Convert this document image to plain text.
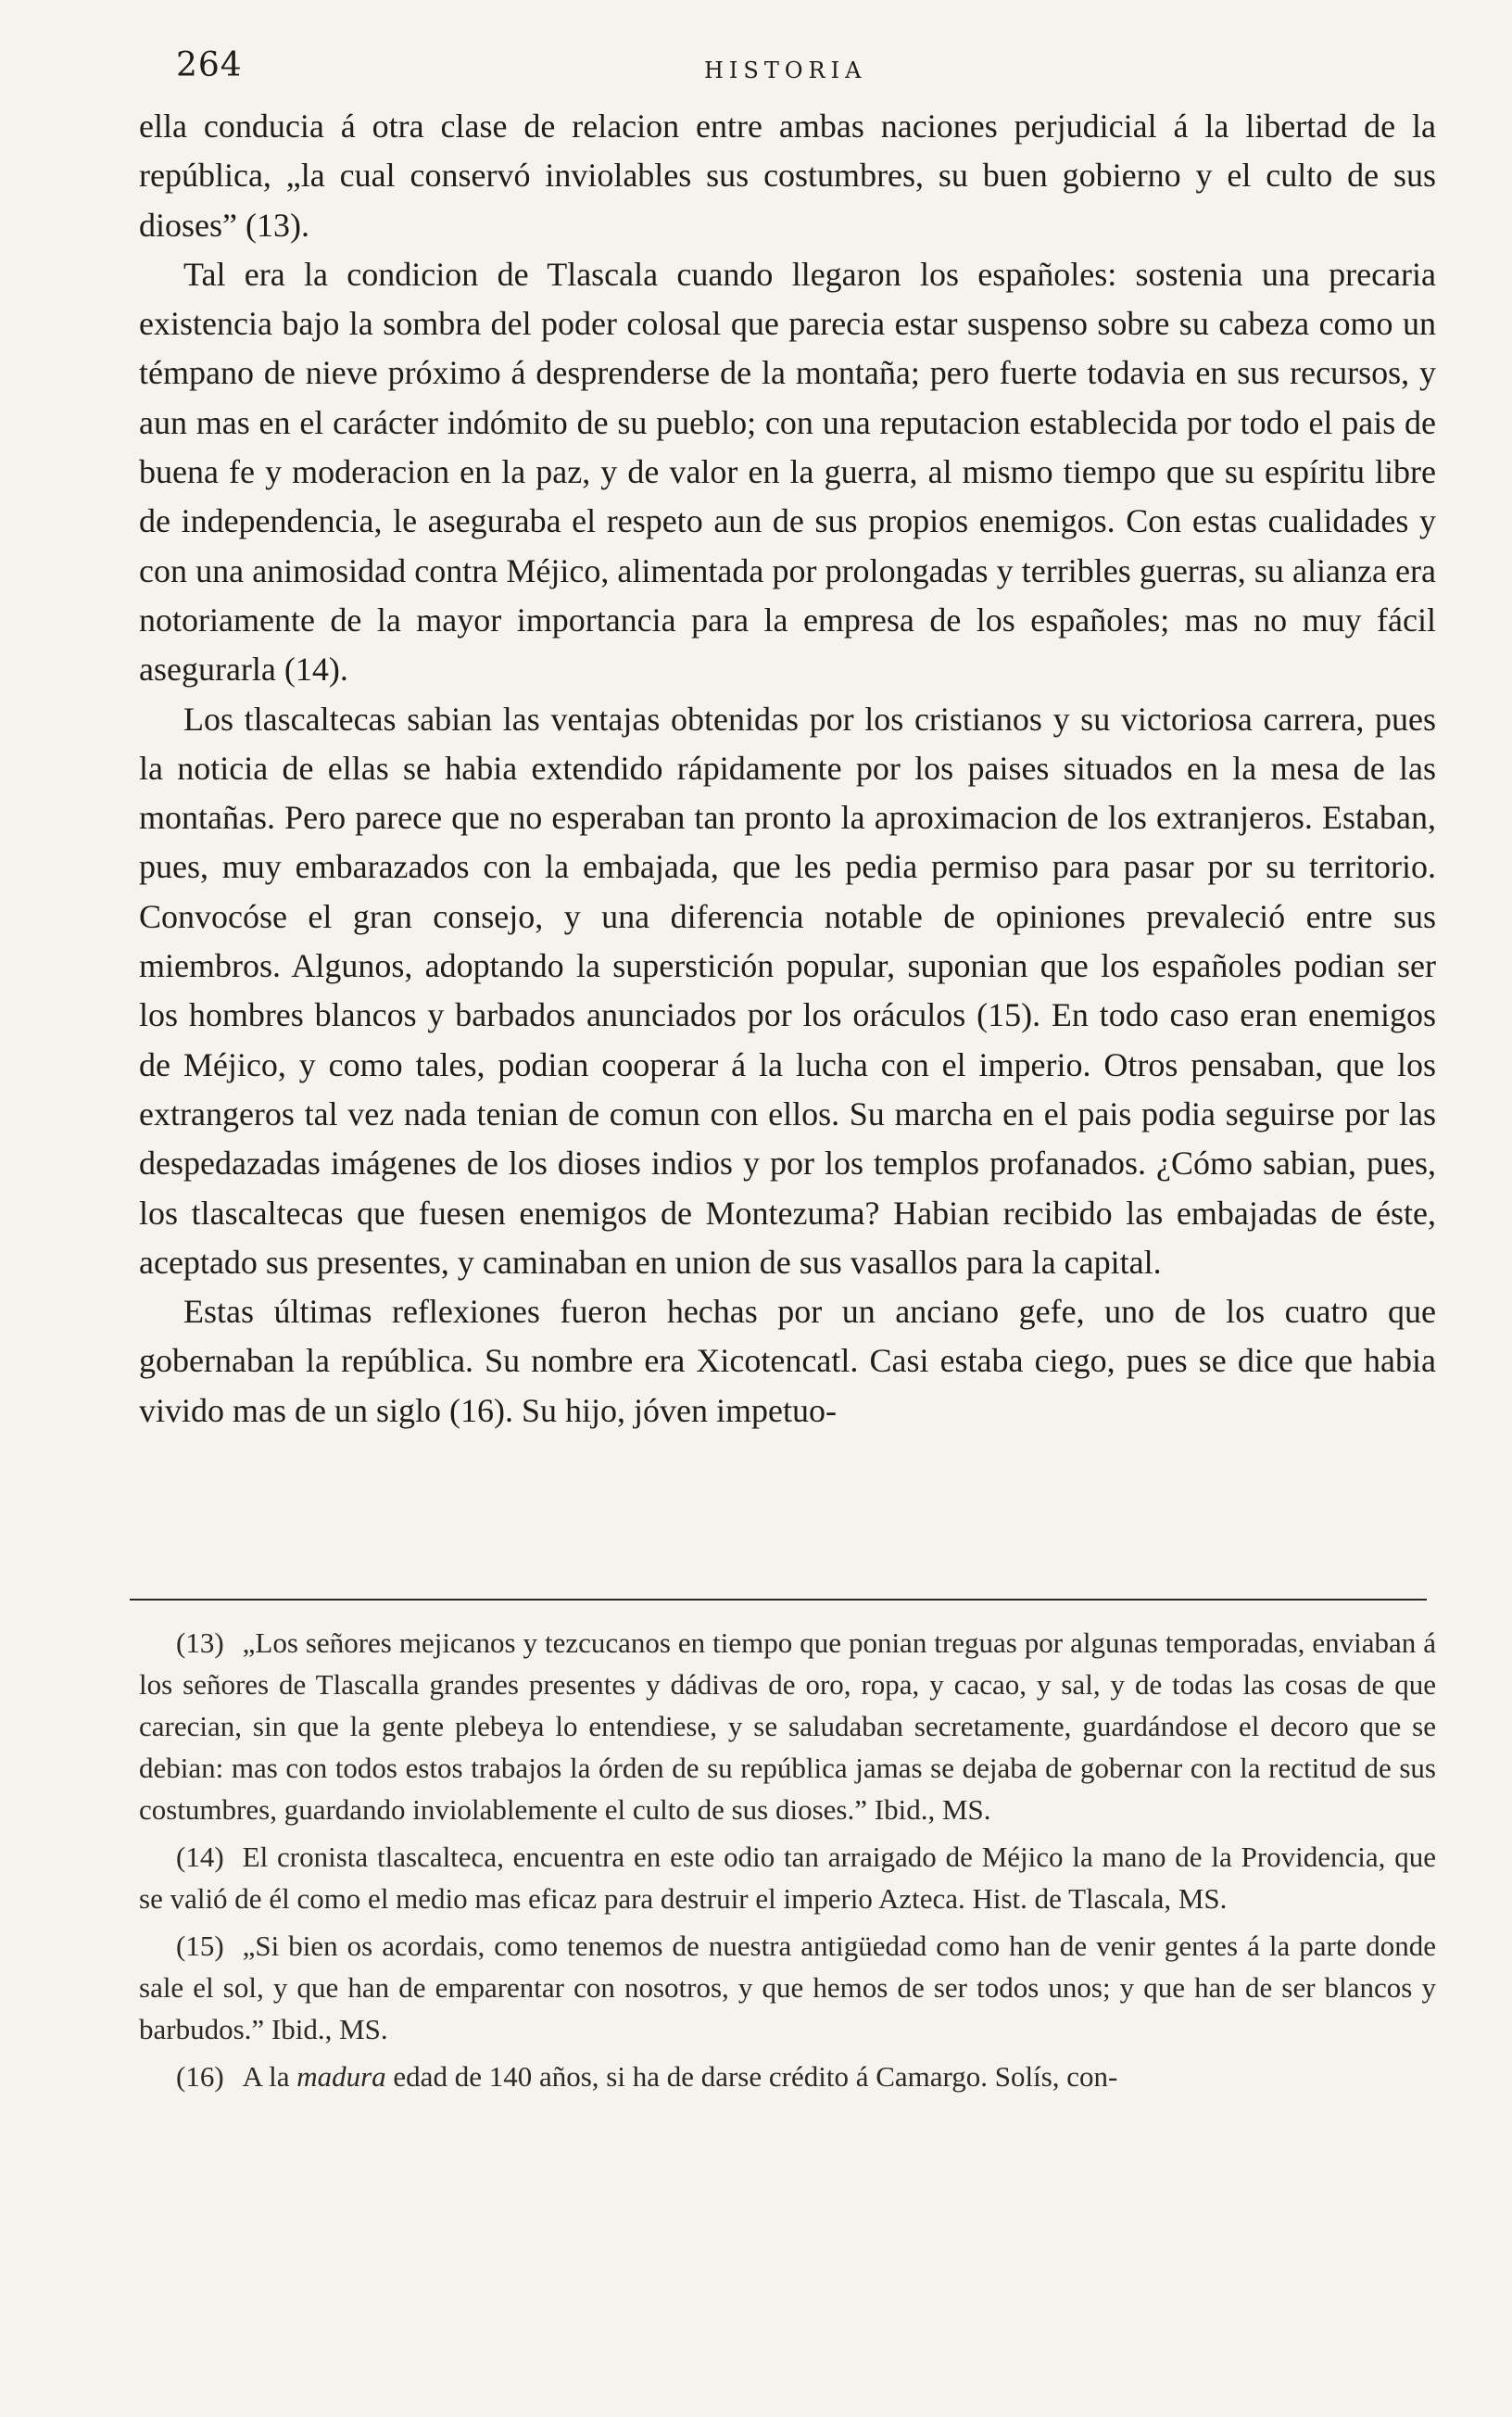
264	HISTORIA

ella conducia á otra clase de relacion entre ambas naciones perjudicial á la libertad de la república, „la cual conservó inviolables sus costumbres, su buen gobierno y el culto de sus dioses” (13).

Tal era la condicion de Tlascala cuando llegaron los españoles: sostenia una precaria existencia bajo la sombra del poder colosal que parecia estar suspenso sobre su cabeza como un témpano de nieve próximo á desprenderse de la montaña; pero fuerte todavia en sus recursos, y aun mas en el carácter indómito de su pueblo; con una reputacion establecida por todo el pais de buena fe y moderacion en la paz, y de valor en la guerra, al mismo tiempo que su espíritu libre de independencia, le aseguraba el respeto aun de sus propios enemigos. Con estas cualidades y con una animosidad contra Méjico, alimentada por prolongadas y terribles guerras, su alianza era notoriamente de la mayor importancia para la empresa de los españoles; mas no muy fácil asegurarla (14).

Los tlascaltecas sabian las ventajas obtenidas por los cristianos y su victoriosa carrera, pues la noticia de ellas se habia extendido rápidamente por los paises situados en la mesa de las montañas. Pero parece que no esperaban tan pronto la aproximacion de los extranjeros. Estaban, pues, muy embarazados con la embajada, que les pedia permiso para pasar por su territorio. Convocóse el gran consejo, y una diferencia notable de opiniones prevaleció entre sus miembros. Algunos, adoptando la superstición popular, suponian que los españoles podian ser los hombres blancos y barbados anunciados por los oráculos (15). En todo caso eran enemigos de Méjico, y como tales, podian cooperar á la lucha con el imperio. Otros pensaban, que los extrangeros tal vez nada tenian de comun con ellos. Su marcha en el pais podia seguirse por las despedazadas imágenes de los dioses indios y por los templos profanados. ¿Cómo sabian, pues, los tlascaltecas que fuesen enemigos de Montezuma? Habian recibido las embajadas de éste, aceptado sus presentes, y caminaban en union de sus vasallos para la capital.

Estas últimas reflexiones fueron hechas por un anciano gefe, uno de los cuatro que gobernaban la república. Su nombre era Xicotencatl. Casi estaba ciego, pues se dice que habia vivido mas de un siglo (16). Su hijo, jóven impetuo-

(13) „Los señores mejicanos y tezcucanos en tiempo que ponian treguas por algunas temporadas, enviaban á los señores de Tlascalla grandes presentes y dádivas de oro, ropa, y cacao, y sal, y de todas las cosas de que carecian, sin que la gente plebeya lo entendiese, y se saludaban secretamente, guardándose el decoro que se debian: mas con todos estos trabajos la órden de su república jamas se dejaba de gobernar con la rectitud de sus costumbres, guardando inviolablemente el culto de sus dioses.” Ibid., MS.

(14) El cronista tlascalteca, encuentra en este odio tan arraigado de Méjico la mano de la Providencia, que se valió de él como el medio mas eficaz para destruir el imperio Azteca. Hist. de Tlascala, MS.

(15) „Si bien os acordais, como tenemos de nuestra antigüedad como han de venir gentes á la parte donde sale el sol, y que han de emparentar con nosotros, y que hemos de ser todos unos; y que han de ser blancos y barbudos.” Ibid., MS.

(16) A la madura edad de 140 años, si ha de darse crédito á Camargo. Solís, con-
